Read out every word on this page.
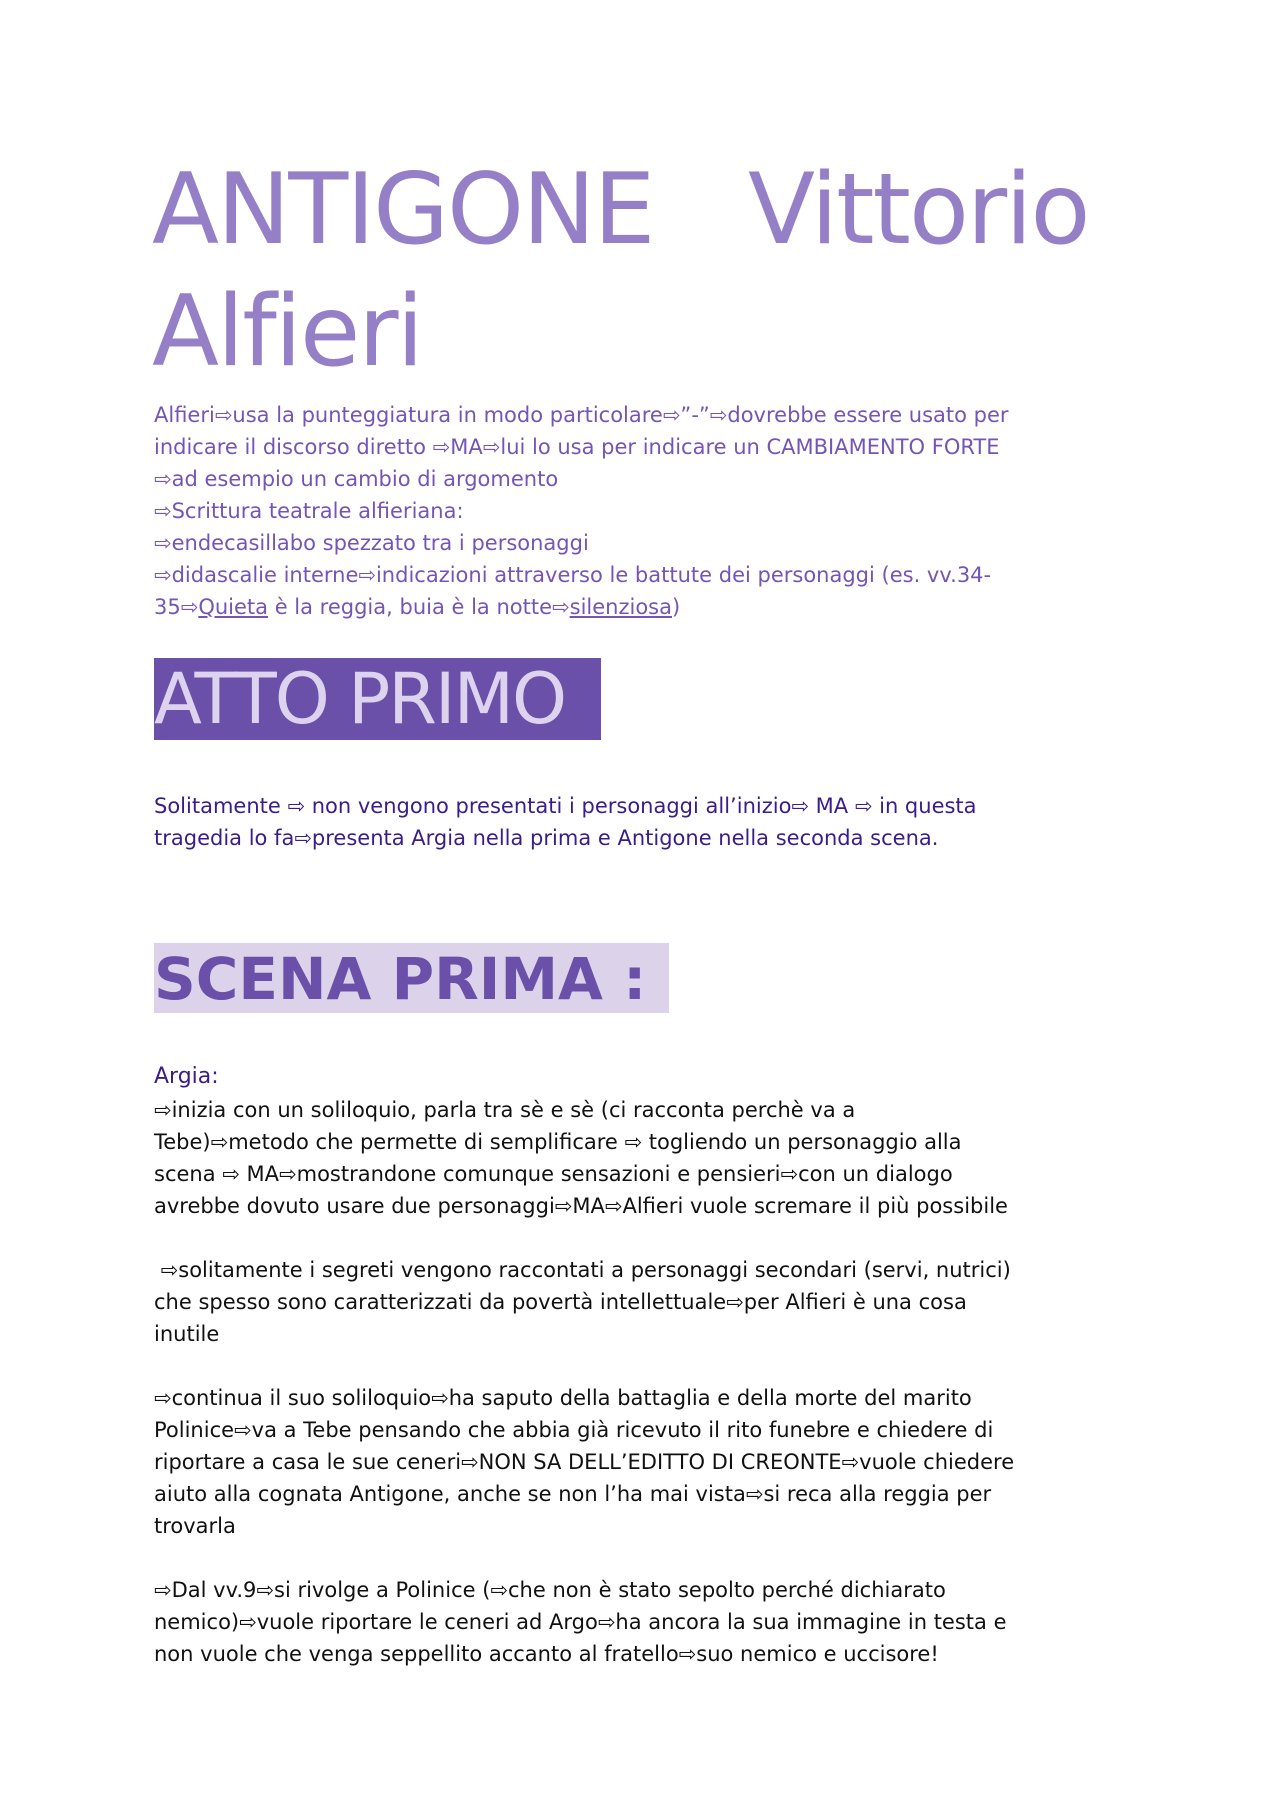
ANTIGONE Vittorio
Alfieri
Alfieri⇨usa la punteggiatura in modo particolare⇨”-”⇨dovrebbe essere usato per
indicare il discorso diretto ⇨MA⇨lui lo usa per indicare un CAMBIAMENTO FORTE
⇨ad esempio un cambio di argomento
⇨Scrittura teatrale alfieriana:
⇨endecasillabo spezzato tra i personaggi
⇨didascalie interne⇨indicazioni attraverso le battute dei personaggi (es. vv.34-
35⇨Quieta è la reggia, buia è la notte⇨silenziosa)
ATTO PRIMO
Solitamente ⇨ non vengono presentati i personaggi all’inizio⇨ MA ⇨ in questa
tragedia lo fa⇨presenta Argia nella prima e Antigone nella seconda scena.
SCENA PRIMA :
Argia:
⇨inizia con un soliloquio, parla tra sè e sè (ci racconta perchè va a
Tebe)⇨metodo che permette di semplificare ⇨ togliendo un personaggio alla
scena ⇨ MA⇨mostrandone comunque sensazioni e pensieri⇨con un dialogo
avrebbe dovuto usare due personaggi⇨MA⇨Alfieri vuole scremare il più possibile
⇨solitamente i segreti vengono raccontati a personaggi secondari (servi, nutrici)
che spesso sono caratterizzati da povertà intellettuale⇨per Alfieri è una cosa
inutile
⇨continua il suo soliloquio⇨ha saputo della battaglia e della morte del marito
Polinice⇨va a Tebe pensando che abbia già ricevuto il rito funebre e chiedere di
riportare a casa le sue ceneri⇨NON SA DELL’EDITTO DI CREONTE⇨vuole chiedere
aiuto alla cognata Antigone, anche se non l’ha mai vista⇨si reca alla reggia per
trovarla
⇨Dal vv.9⇨si rivolge a Polinice (⇨che non è stato sepolto perché dichiarato
nemico)⇨vuole riportare le ceneri ad Argo⇨ha ancora la sua immagine in testa e
non vuole che venga seppellito accanto al fratello⇨suo nemico e uccisore!
